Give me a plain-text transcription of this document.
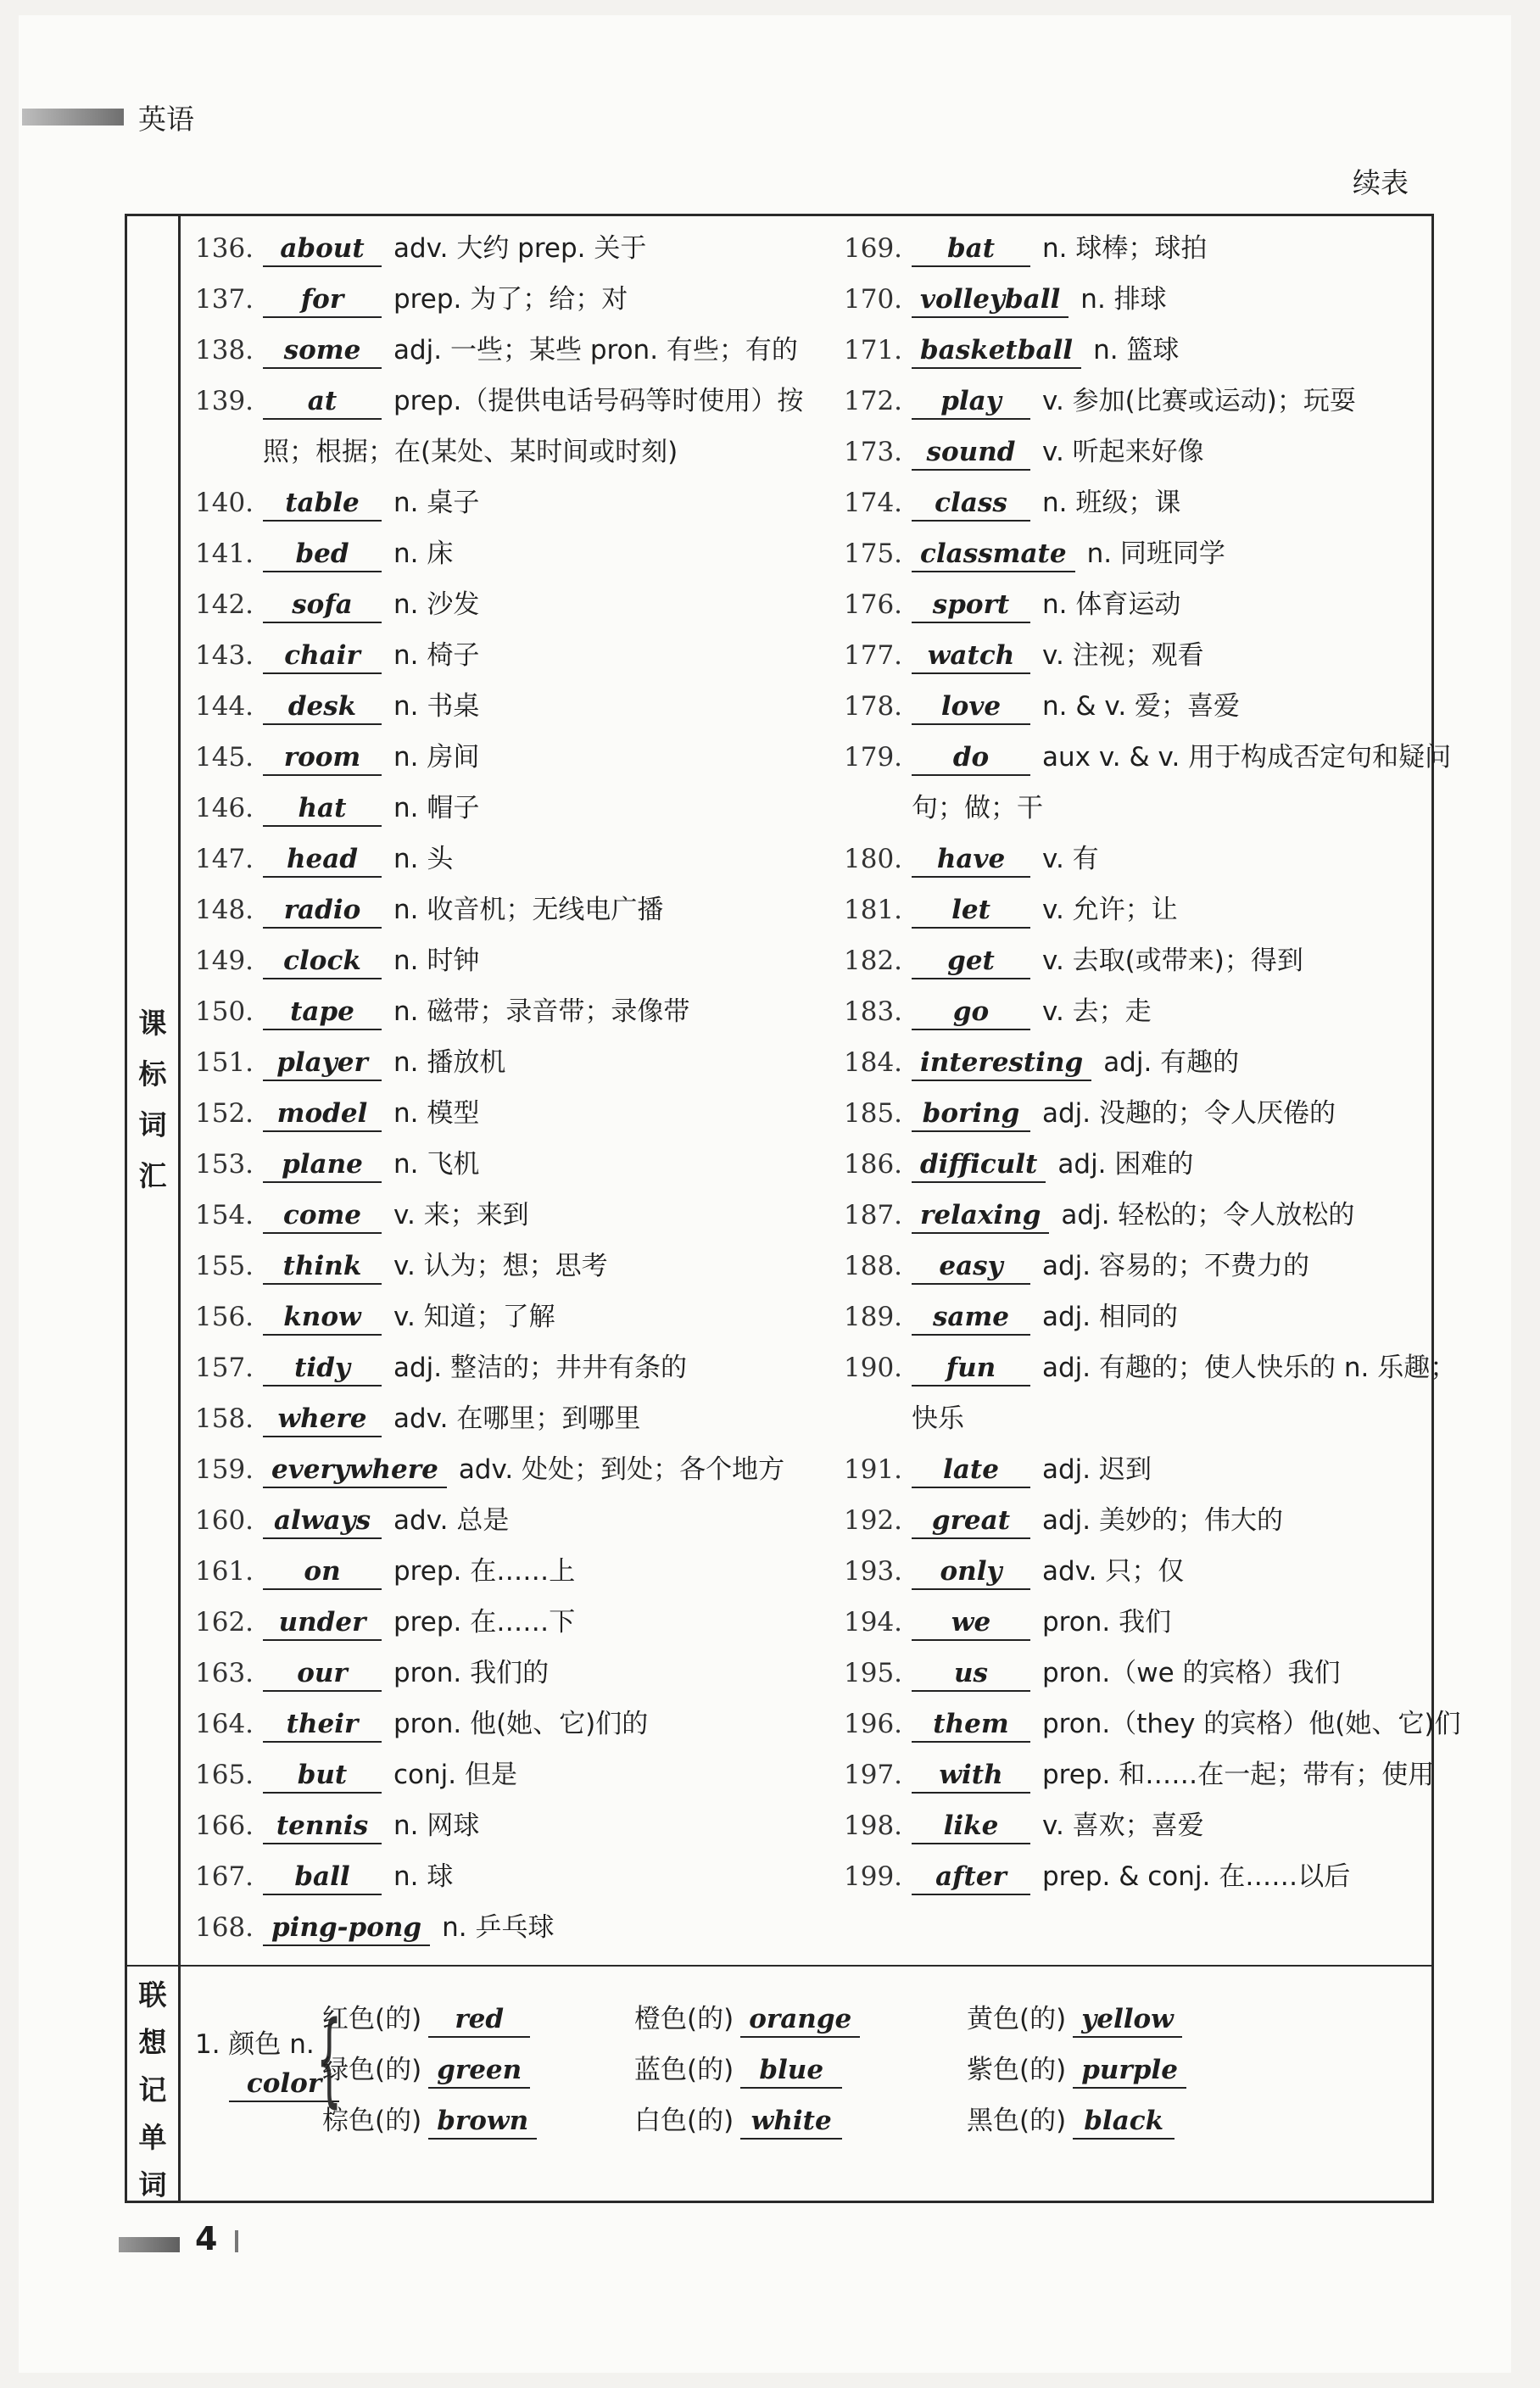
英语
续表
课
标
词
汇
联
想
记
单
词
136. about adv. 大约 prep. 关于
137. for prep. 为了；给；对
138. some adj. 一些；某些 pron. 有些；有的
139. at prep.（提供电话号码等时使用）按
照；根据；在(某处、某时间或时刻)
140. table n. 桌子
141. bed n. 床
142. sofa n. 沙发
143. chair n. 椅子
144. desk n. 书桌
145. room n. 房间
146. hat n. 帽子
147. head n. 头
148. radio n. 收音机；无线电广播
149. clock n. 时钟
150. tape n. 磁带；录音带；录像带
151. player n. 播放机
152. model n. 模型
153. plane n. 飞机
154. come v. 来；来到
155. think v. 认为；想；思考
156. know v. 知道；了解
157. tidy adj. 整洁的；井井有条的
158. where adv. 在哪里；到哪里
159. everywhere adv. 处处；到处；各个地方
160. always adv. 总是
161. on prep. 在……上
162. under prep. 在……下
163. our pron. 我们的
164. their pron. 他(她、它)们的
165. but conj. 但是
166. tennis n. 网球
167. ball n. 球
168. ping-pong n. 乒乓球
169. bat n. 球棒；球拍
170. volleyball n. 排球
171. basketball n. 篮球
172. play v. 参加(比赛或运动)；玩耍
173. sound v. 听起来好像
174. class n. 班级；课
175. classmate n. 同班同学
176. sport n. 体育运动
177. watch v. 注视；观看
178. love n. & v. 爱；喜爱
179. do aux v. & v. 用于构成否定句和疑问
句；做；干
180. have v. 有
181. let v. 允许；让
182. get v. 去取(或带来)；得到
183. go v. 去；走
184. interesting adj. 有趣的
185. boring adj. 没趣的；令人厌倦的
186. difficult adj. 困难的
187. relaxing adj. 轻松的；令人放松的
188. easy adj. 容易的；不费力的
189. same adj. 相同的
190. fun adj. 有趣的；使人快乐的 n. 乐趣；
快乐
191. late adj. 迟到
192. great adj. 美妙的；伟大的
193. only adv. 只；仅
194. we pron. 我们
195. us pron.（we 的宾格）我们
196. them pron.（they 的宾格）他(她、它)们
197. with prep. 和……在一起；带有；使用
198. like v. 喜欢；喜爱
199. after prep. & conj. 在……以后
1. 颜色 n.
color
{
红色(的) red	橙色(的) orange	黄色(的) yellow
绿色(的) green	蓝色(的) blue	紫色(的) purple
棕色(的) brown	白色(的) white	黑色(的) black
4
